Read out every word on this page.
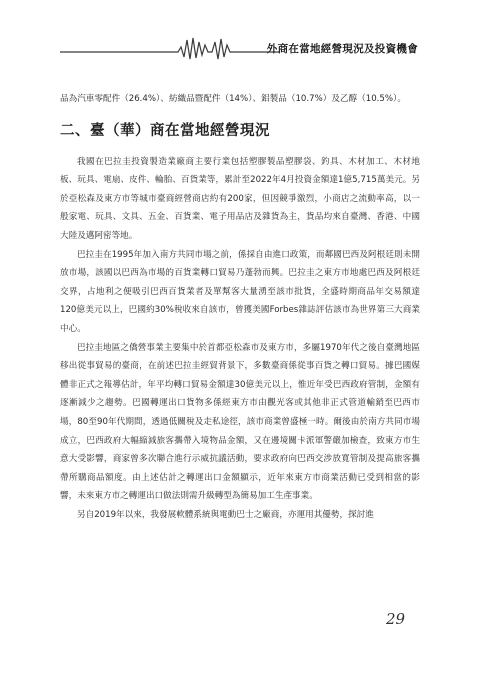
外商在當地經營現況及投資機會

品為汽車零配件（26.4%）、紡織品暨配件（14%）、鋁製品（10.7%）及乙醇（10.5%）。

二、臺（華）商在當地經營現況

我國在巴拉圭投資製造業廠商主要行業包括塑膠製品塑膠袋、釣具、木材加工、木材地板、玩具、電扇、皮件、輪胎、百貨業等，累計至2022年4月投資金額達1億5,715萬美元。另於亞松森及東方市等城市臺商經營商店約有200家，但因競爭激烈，小商店之流動率高，以一般家電、玩具、文具、五金、百貨業、電子用品店及雜貨為主，貨品均來自臺灣、香港、中國大陸及邁阿密等地。

巴拉圭在1995年加入南方共同市場之前，係採自由進口政策，而鄰國巴西及阿根廷則未開放市場，該國以巴西為市場的百貨業轉口貿易乃蓬勃而興。巴拉圭之東方市地處巴西及阿根廷交界，占地利之便吸引巴西百貨業者及單幫客大量湧至該市批貨，全盛時期商品年交易額達120億美元以上，巴國約30%稅收來自該市，曾獲美國Forbes雜誌評估該市為世界第三大商業中心。

巴拉圭地區之僑營事業主要集中於首都亞松森市及東方市，多屬1970年代之後自臺灣地區移出從事貿易的臺商，在前述巴拉圭經貿背景下，多數臺商係從事百貨之轉口貿易。據巴國媒體非正式之報導估計，年平均轉口貿易金額達30億美元以上，惟近年受巴西政府管制，金額有逐漸減少之趨勢。巴國轉運出口貨物多係經東方市由觀光客或其他非正式管道輸銷至巴西市場，80至90年代期間，透過低關稅及走私途徑，該市商業曾盛極一時。爾後由於南方共同市場成立，巴西政府大幅縮減旅客攜帶入境物品金額，又在邊境關卡派軍警嚴加檢查，致東方市生意大受影響，商家曾多次聯合進行示威抗議活動，要求政府向巴西交涉放寬管制及提高旅客攜帶所購商品額度。由上述估計之轉運出口金額顯示，近年來東方市商業活動已受到相當的影響，未來東方市之轉運出口做法則需升級轉型為簡易加工生產事業。

另自2019年以來，我發展軟體系統與電動巴士之廠商，亦運用其優勢，探討進

29
